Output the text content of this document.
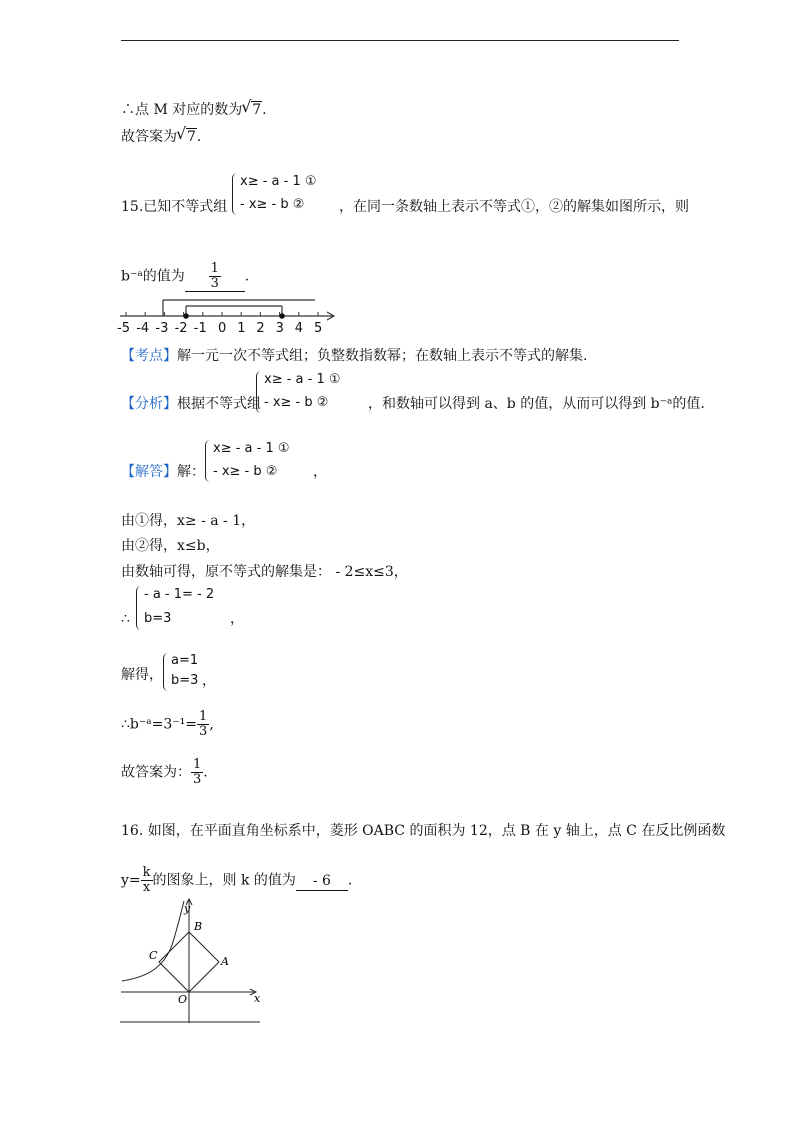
∴点 M 对应的数为 √ 7.
故答案为 √ 7.
15.已知不等式组
x≥ - a - 1 ①
- x≥ - b ② ，在同一条数轴上表示不等式①，②的解集如图所示，则
b⁻ᵃ的值为 $\frac{1}{3}$ .
-5 -4 -3 -2 -1 0 1 2 3 4 5
【考点】解一元一次不等式组；负整数指数幂；在数轴上表示不等式的解集.
【分析】根据不等式组
x≥ - a - 1 ①
- x≥ - b ②	，和数轴可以得到 a、b 的值，从而可以得到 b⁻ᵃ的值.
【解答】解：
x≥ - a - 1 ①
- x≥ - b ②	，
由①得，x≥ - a - 1，
由②得，x≤b，
由数轴可得，原不等式的解集是： - 2≤x≤3，
∴
- a - 1= - 2
b=3	，
解得，
a=1
b=3 ，
∴b⁻ᵃ=3⁻¹= $\frac{1}{3}$ ,
故答案为： $\frac{1}{3}$ .
16. 如图，在平面直角坐标系中，菱形 OABC 的面积为 12，点 B 在 y 轴上，点 C 在反比例函数
$y= \frac{k}{x}$ 的图象上，则 k 的值为 - 6 .
y
x
O
A
B
C
